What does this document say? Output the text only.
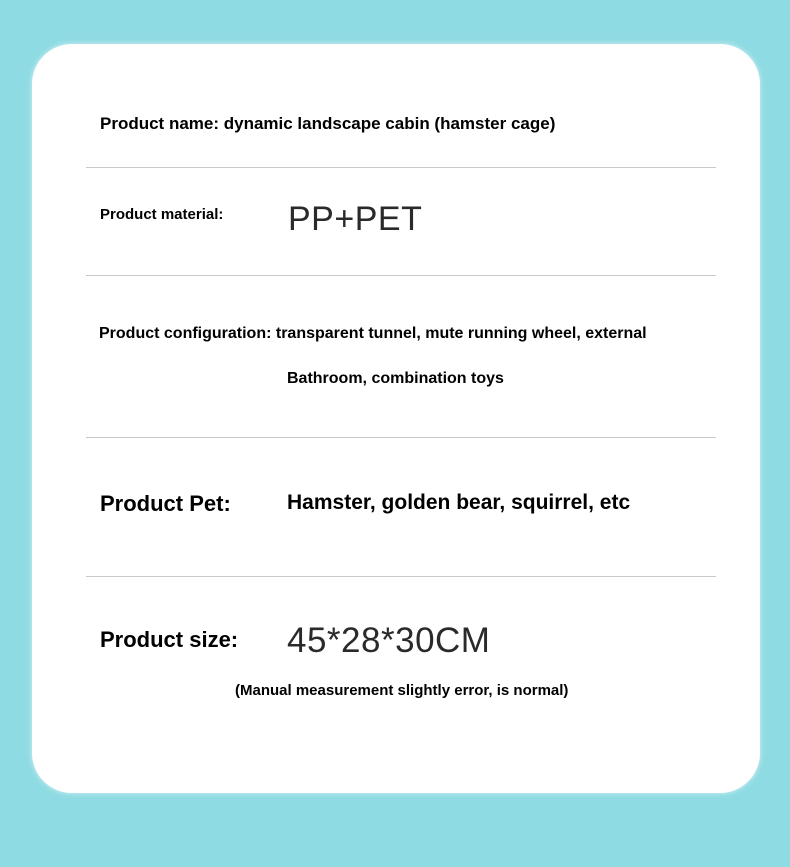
Product name: dynamic landscape cabin (hamster cage)
Product material: PP+PET
Product configuration: transparent tunnel, mute running wheel, external
Bathroom, combination toys
Product Pet:	Hamster, golden bear, squirrel, etc
Product size: 45*28*30CM
(Manual measurement slightly error, is normal)
